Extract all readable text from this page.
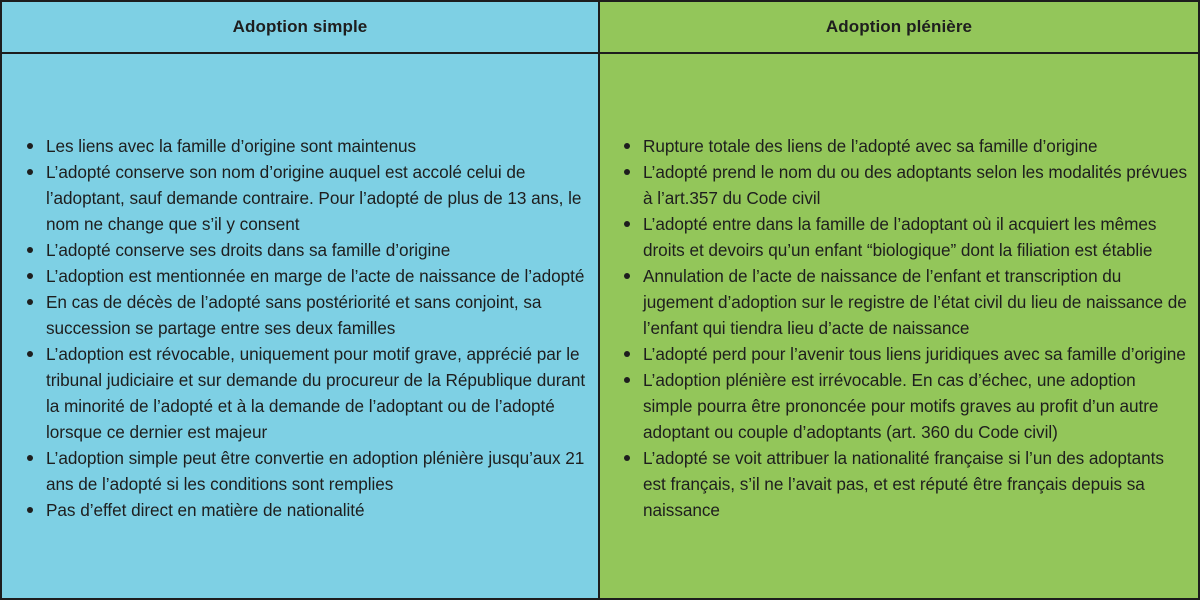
Adoption simple	Adoption plénière
Les liens avec la famille d’origine sont maintenus
L’adopté conserve son nom d’origine auquel est accolé celui de l’adoptant, sauf demande contraire. Pour l’adopté de plus de 13 ans, le nom ne change que s’il y consent
L’adopté conserve ses droits dans sa famille d’origine
L’adoption est mentionnée en marge de l’acte de naissance de l’adopté
En cas de décès de l’adopté sans postériorité et sans conjoint, sa succession se partage entre ses deux familles
L’adoption est révocable, uniquement pour motif grave, apprécié par le tribunal judiciaire et sur demande du procureur de la République durant la minorité de l’adopté et à la demande de l’adoptant ou de l’adopté lorsque ce dernier est majeur
L’adoption simple peut être convertie en adoption plénière jusqu’aux 21 ans de l’adopté si les conditions sont remplies
Pas d’effet direct en matière de nationalité
Rupture totale des liens de l’adopté avec sa famille d’origine
L’adopté prend le nom du ou des adoptants selon les modalités prévues à l’art.357 du Code civil
L’adopté entre dans la famille de l’adoptant où il acquiert les mêmes droits et devoirs qu’un enfant “biologique” dont la filiation est établie
Annulation de l’acte de naissance de l’enfant et transcription du jugement d’adoption sur le registre de l’état civil du lieu de naissance de l’enfant qui tiendra lieu d’acte de naissance
L’adopté perd pour l’avenir tous liens juridiques avec sa famille d’origine
L’adoption plénière est irrévocable. En cas d’échec, une adoption simple pourra être prononcée pour motifs graves au profit d’un autre adoptant ou couple d’adoptants (art. 360 du Code civil)
L’adopté se voit attribuer la nationalité française si l’un des adoptants est français, s’il ne l’avait pas, et est réputé être français depuis sa naissance
